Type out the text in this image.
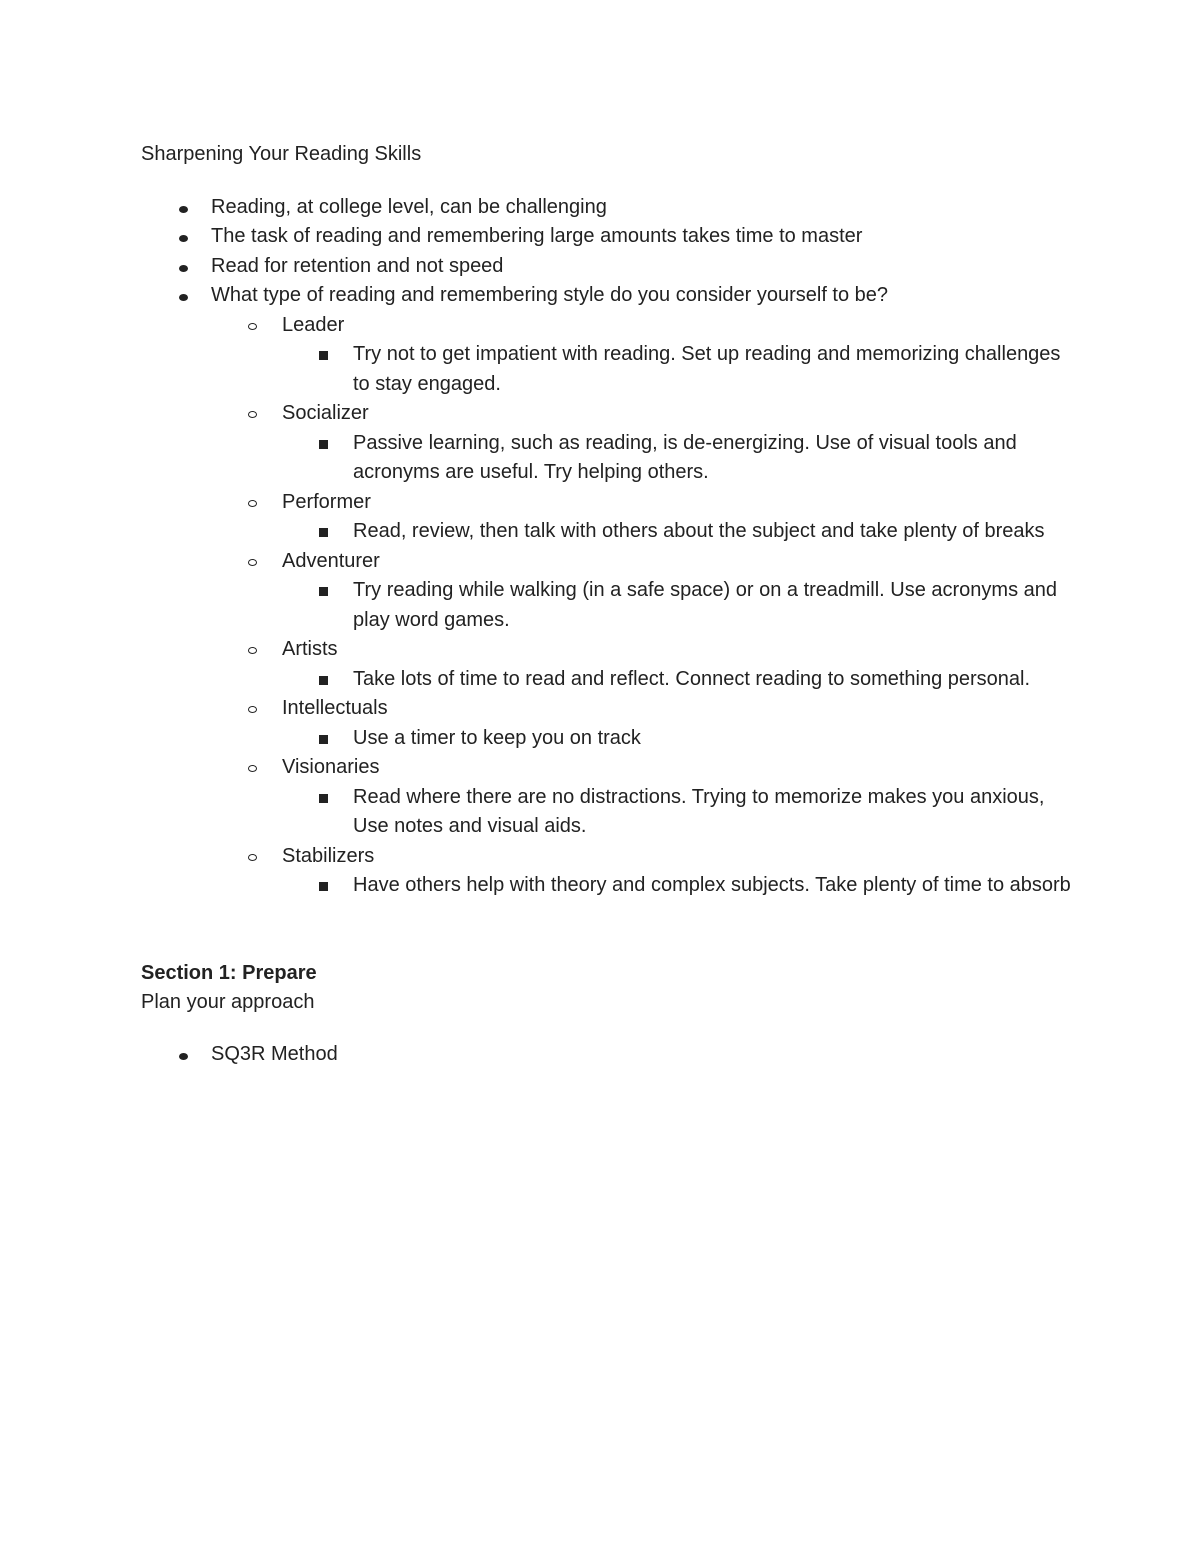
Sharpening Your Reading Skills

Reading, at college level, can be challenging
The task of reading and remembering large amounts takes time to master
Read for retention and not speed
What type of reading and remembering style do you consider yourself to be?
Leader
Try not to get impatient with reading. Set up reading and memorizing challenges to stay engaged.
Socializer
Passive learning, such as reading, is de-energizing. Use of visual tools and acronyms are useful. Try helping others.
Performer
Read, review, then talk with others about the subject and take plenty of breaks
Adventurer
Try reading while walking (in a safe space) or on a treadmill. Use acronyms and play word games.
Artists
Take lots of time to read and reflect. Connect reading to something personal.
Intellectuals
Use a timer to keep you on track
Visionaries
Read where there are no distractions. Trying to memorize makes you anxious, Use notes and visual aids.
Stabilizers
Have others help with theory and complex subjects. Take plenty of time to absorb

Section 1: Prepare

Plan your approach

SQ3R Method
